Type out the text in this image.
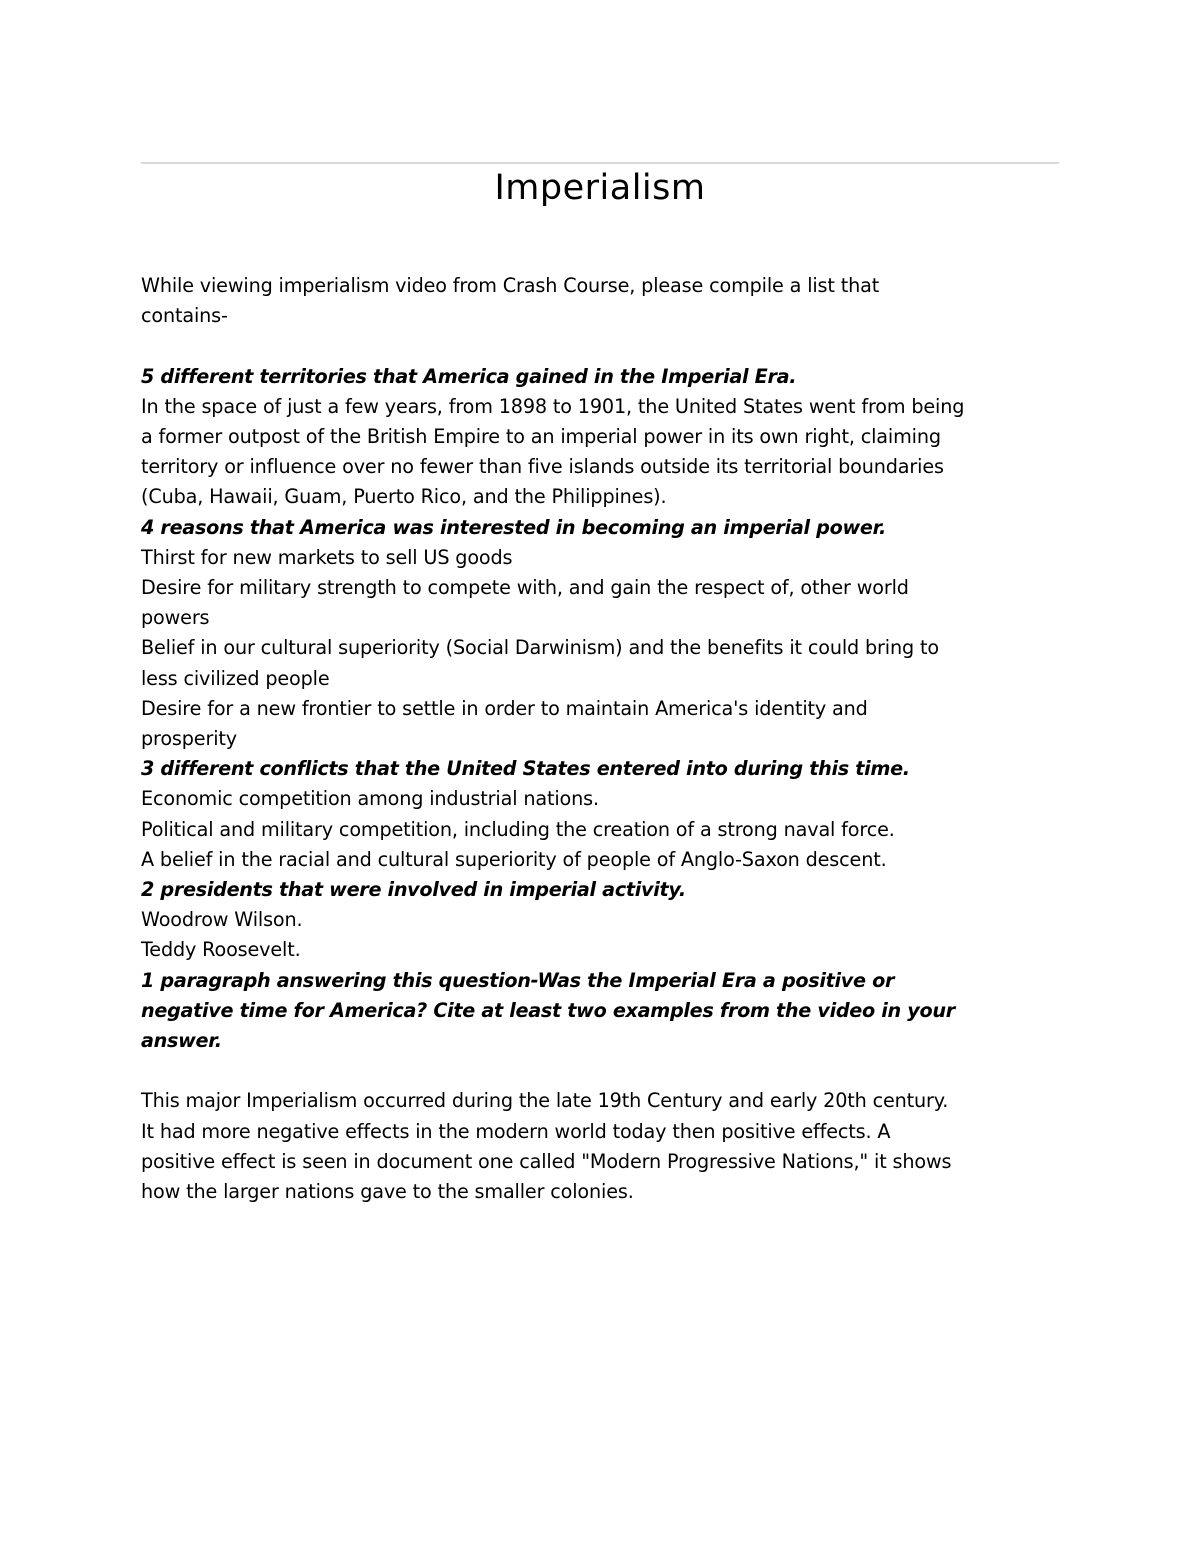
Imperialism

While viewing imperialism video from Crash Course, please compile a list that

contains-

5 different territories that America gained in the Imperial Era.

In the space of just a few years, from 1898 to 1901, the United States went from being

a former outpost of the British Empire to an imperial power in its own right, claiming

territory or influence over no fewer than five islands outside its territorial boundaries

(Cuba, Hawaii, Guam, Puerto Rico, and the Philippines).

4 reasons that America was interested in becoming an imperial power.

Thirst for new markets to sell US goods

Desire for military strength to compete with, and gain the respect of, other world

powers

Belief in our cultural superiority (Social Darwinism) and the benefits it could bring to

less civilized people

Desire for a new frontier to settle in order to maintain America's identity and

prosperity

3 different conflicts that the United States entered into during this time.

Economic competition among industrial nations.

Political and military competition, including the creation of a strong naval force.

A belief in the racial and cultural superiority of people of Anglo-Saxon descent.

2 presidents that were involved in imperial activity.

Woodrow Wilson.

Teddy Roosevelt.

1 paragraph answering this question-Was the Imperial Era a positive or

negative time for America? Cite at least two examples from the video in your

answer.

This major Imperialism occurred during the late 19th Century and early 20th century.

It had more negative effects in the modern world today then positive effects. A

positive effect is seen in document one called "Modern Progressive Nations," it shows

how the larger nations gave to the smaller colonies.
